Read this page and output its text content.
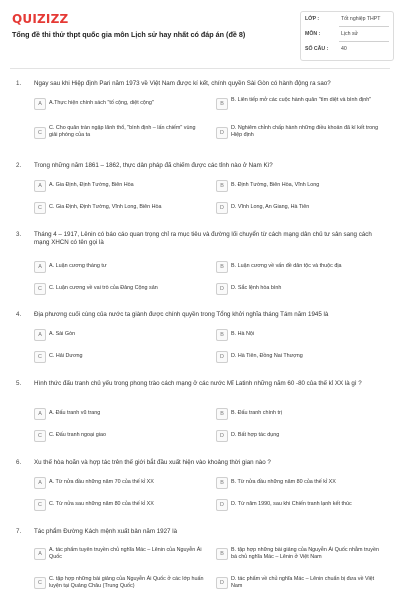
QUIZIZZ
Tổng đề thi thử thpt quốc gia môn Lịch sử hay nhất có đáp án (đề 8)
LỚP :	Tốt nghiệp THPT
MÔN :	Lịch sử
SỐ CÂU : 40
1. Ngay sau khi Hiệp định Pari năm 1973 về Việt Nam được kí kết, chính quyền Sài Gòn có hành động ra sao?
A	A.Thực hiện chính sách "tố cộng, diệt cộng"	B
B. Liên tiếp mở các cuộc hành quân "tìm diệt và bình định"
C
C. Cho quân tràn ngập lãnh thổ, "bình định – lấn chiếm" vùng giải phóng của ta	D
D. Nghiêm chỉnh chấp hành những điều khoản đã kí kết trong Hiệp định
2. Trong những năm 1861 – 1862, thực dân pháp đã chiếm được các tỉnh nào ở Nam Kì?
A	A. Gia Định, Định Tường, Biên Hòa	B	B. Định Tường, Biên Hòa, Vĩnh Long
C	C. Gia Định, Định Tường, Vĩnh Long, Biên Hòa	D	D. Vĩnh Long, An Giang, Hà Tiên
3. Tháng 4 – 1917, Lênin có báo cáo quan trọng chỉ ra mục tiêu và đường lối chuyển từ cách mạng dân chủ tư sản sang cách mạng XHCN có tên gọi là
A	A. Luận cương tháng tư	B	B. Luận cương về vấn đề dân tộc và thuộc địa
C	C. Luận cương về vai trò của Đảng Cộng sản	D	D. Sắc lệnh hòa bình
4. Địa phương cuối cùng của nước ta giành được chính quyền trong Tổng khởi nghĩa tháng Tám năm 1945 là
A	A. Sài Gòn	B	B. Hà Nội
C	C. Hải Dương	D	D. Hà Tiên, Đồng Nai Thượng
5. Hình thức đấu tranh chủ yếu trong phong trào cách mạng ở các nước Mĩ Latinh những năm 60 -80 của thế kỉ XX là gì ?
A	A. Đấu tranh vũ trang	B	B. Đấu tranh chính trị
C	C. Đấu tranh ngoại giao	D	D. Bất hợp tác dụng
6. Xu thế hòa hoãn và hợp tác trên thế giới bắt đầu xuất hiện vào khoảng thời gian nào ?
A	A. Từ nửa đầu những năm 70 của thế kỉ XX	B	B. Từ nửa đầu những năm 80 của thế kỉ XX
C	C. Từ nửa sau những năm 80 của thế kỉ XX	D	D. Từ năm 1990, sau khi Chiến tranh lạnh kết thúc
7. Tác phẩm Đường Kách mệnh xuất bản năm 1927 là
A
A. tác phẩm tuyên truyền chủ nghĩa Mác – Lênin của Nguyễn Ái Quốc	B
B. tập hợp những bài giảng của Nguyễn Ái Quốc nhằm truyền bá chủ nghĩa Mác – Lênin ở Việt Nam
C
C. tập hợp những bài giảng của Nguyễn Ái Quốc ở các lớp huấn luyện tại Quảng Châu (Trung Quốc)	D
D. tác phẩm về chủ nghĩa Mác – Lênin chuẩn bị đưa về Việt Nam
